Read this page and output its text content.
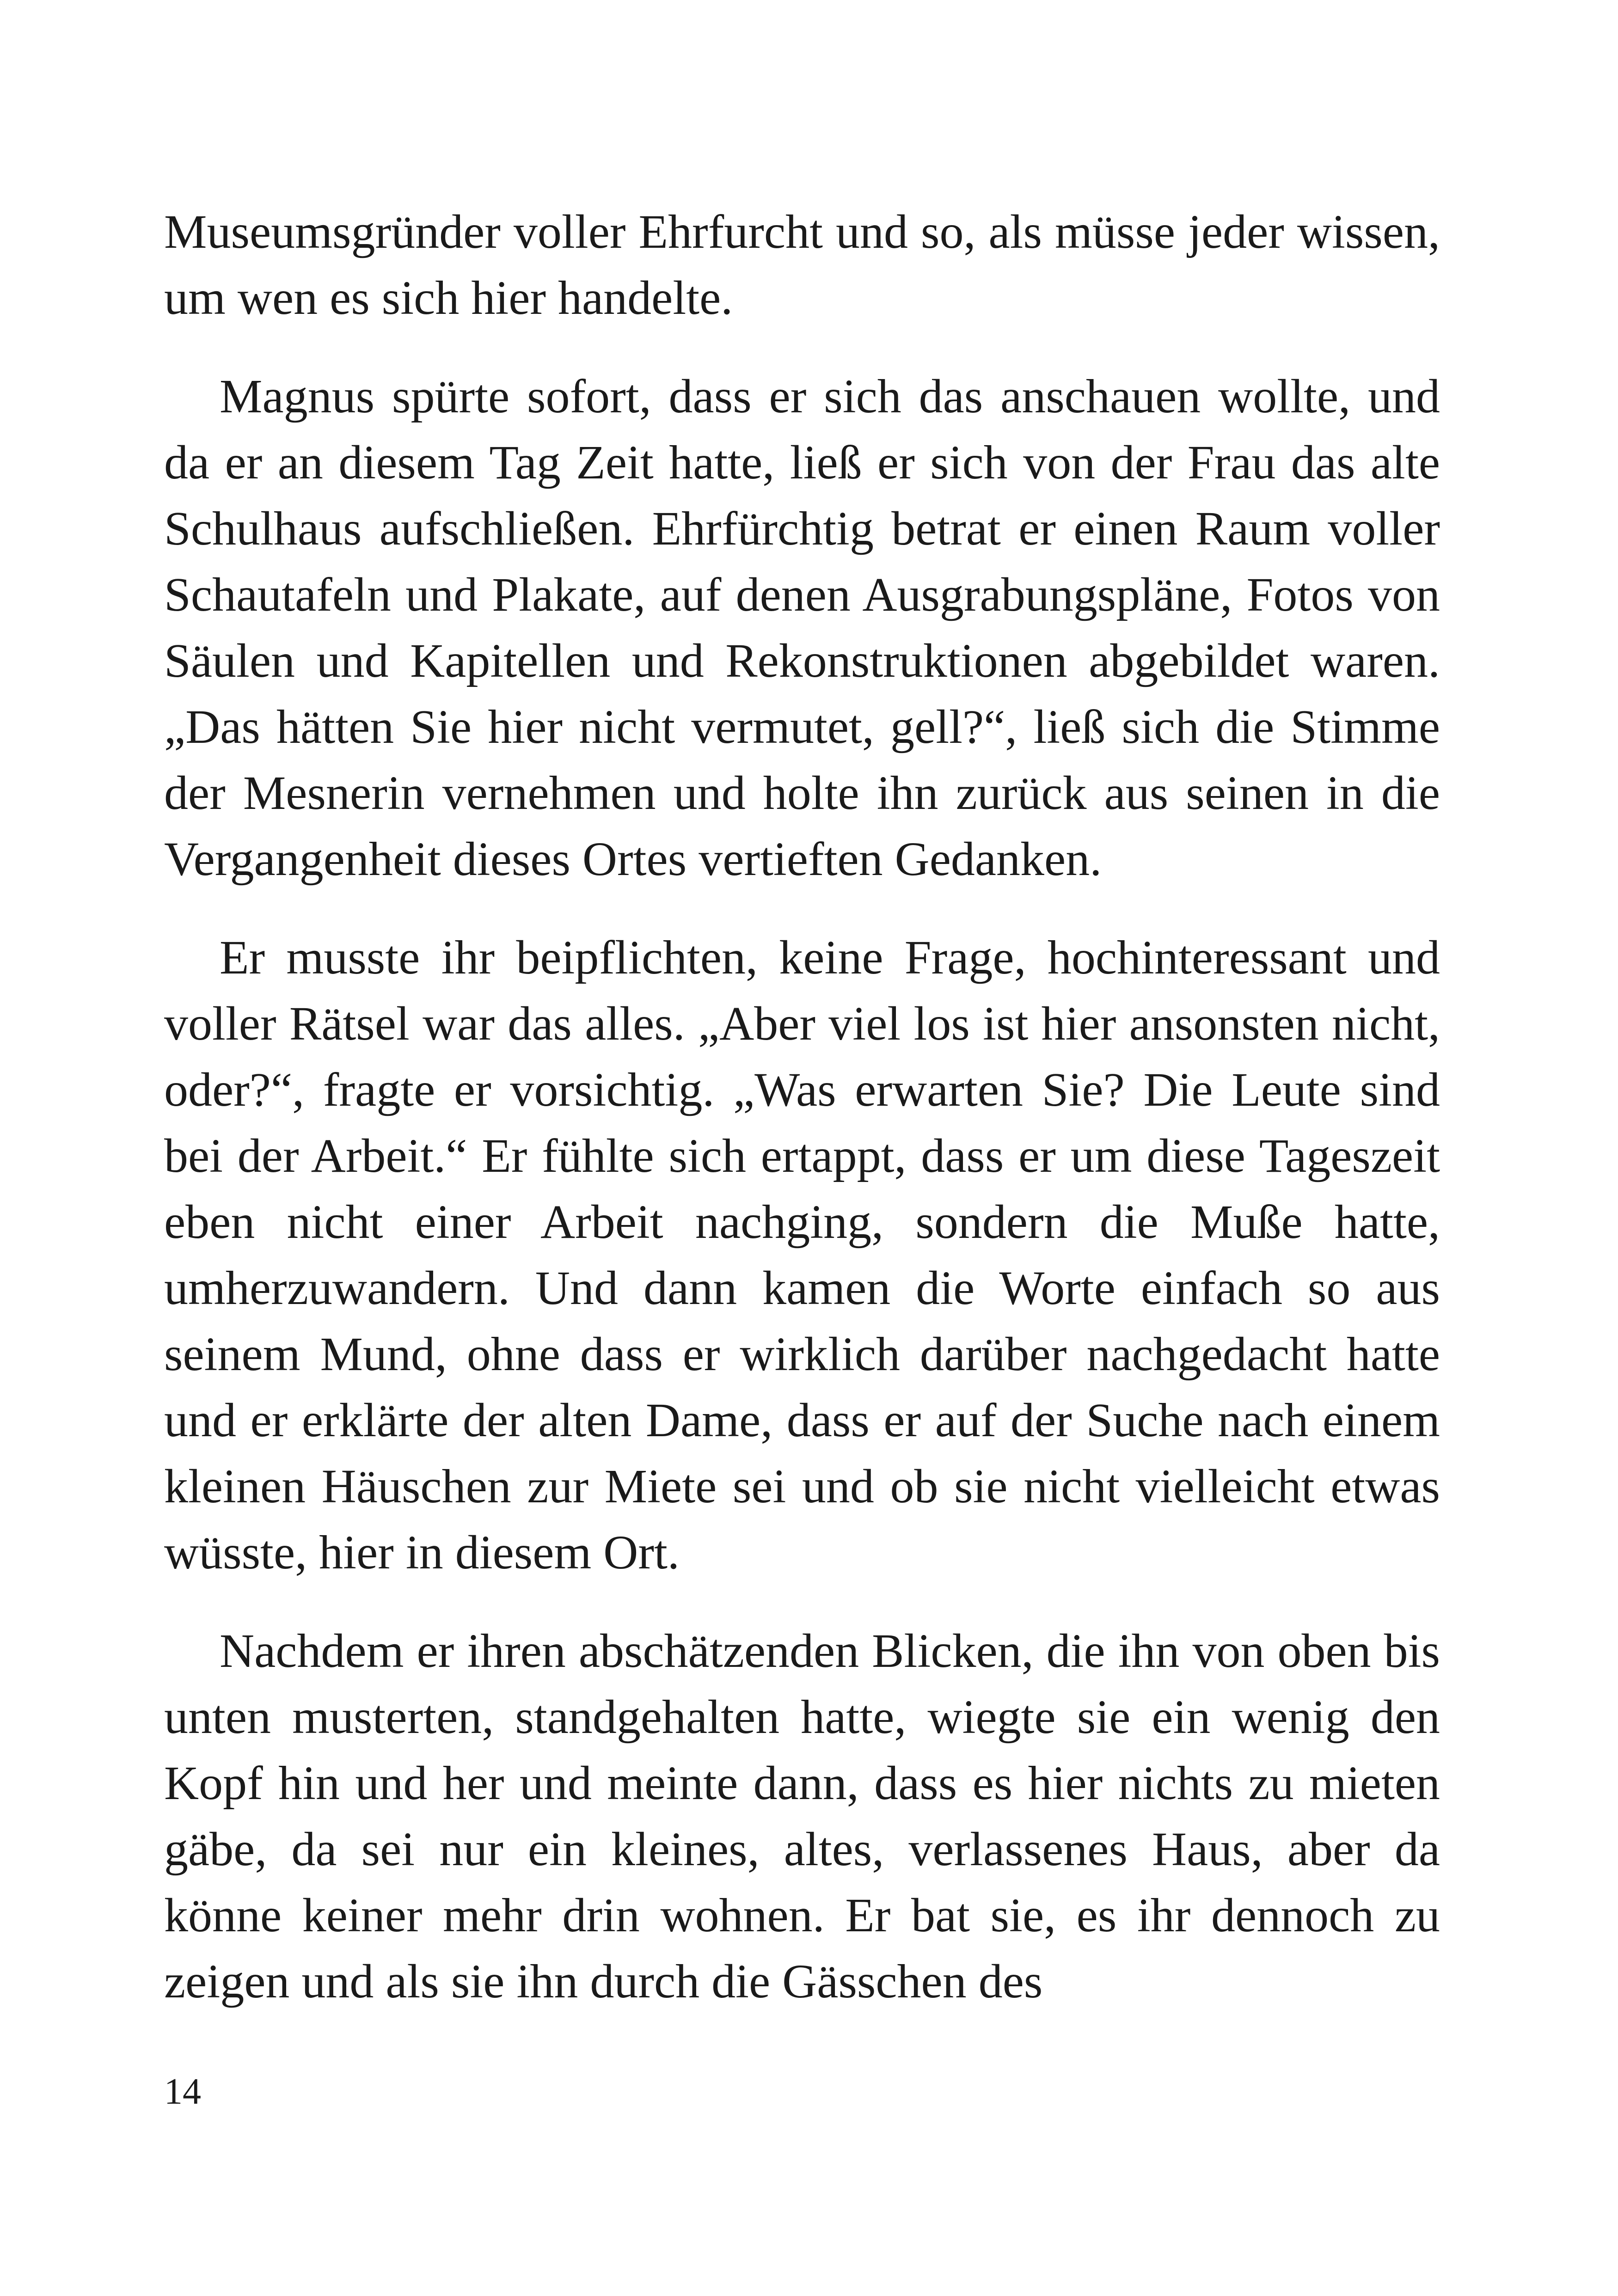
Museumsgründer voller Ehrfurcht und so, als müsse jeder wissen, um wen es sich hier handelte.

Magnus spürte sofort, dass er sich das anschauen wollte, und da er an diesem Tag Zeit hatte, ließ er sich von der Frau das alte Schulhaus aufschließen. Ehrfürchtig betrat er einen Raum voller Schautafeln und Plakate, auf denen Ausgrabungspläne, Fotos von Säulen und Kapitellen und Rekonstruktionen abgebildet waren. „Das hätten Sie hier nicht vermutet, gell?“, ließ sich die Stimme der Mesnerin vernehmen und holte ihn zurück aus seinen in die Vergangenheit dieses Ortes vertieften Gedanken.

Er musste ihr beipflichten, keine Frage, hochinteressant und voller Rätsel war das alles. „Aber viel los ist hier ansonsten nicht, oder?“, fragte er vorsichtig. „Was erwarten Sie? Die Leute sind bei der Arbeit.“ Er fühlte sich ertappt, dass er um diese Tageszeit eben nicht einer Arbeit nachging, sondern die Muße hatte, umherzuwandern. Und dann kamen die Worte einfach so aus seinem Mund, ohne dass er wirklich darüber nachgedacht hatte und er erklärte der alten Dame, dass er auf der Suche nach einem kleinen Häuschen zur Miete sei und ob sie nicht vielleicht etwas wüsste, hier in diesem Ort.

Nachdem er ihren abschätzenden Blicken, die ihn von oben bis unten musterten, standgehalten hatte, wiegte sie ein wenig den Kopf hin und her und meinte dann, dass es hier nichts zu mieten gäbe, da sei nur ein kleines, altes, verlassenes Haus, aber da könne keiner mehr drin wohnen. Er bat sie, es ihr dennoch zu zeigen und als sie ihn durch die Gässchen des

14
